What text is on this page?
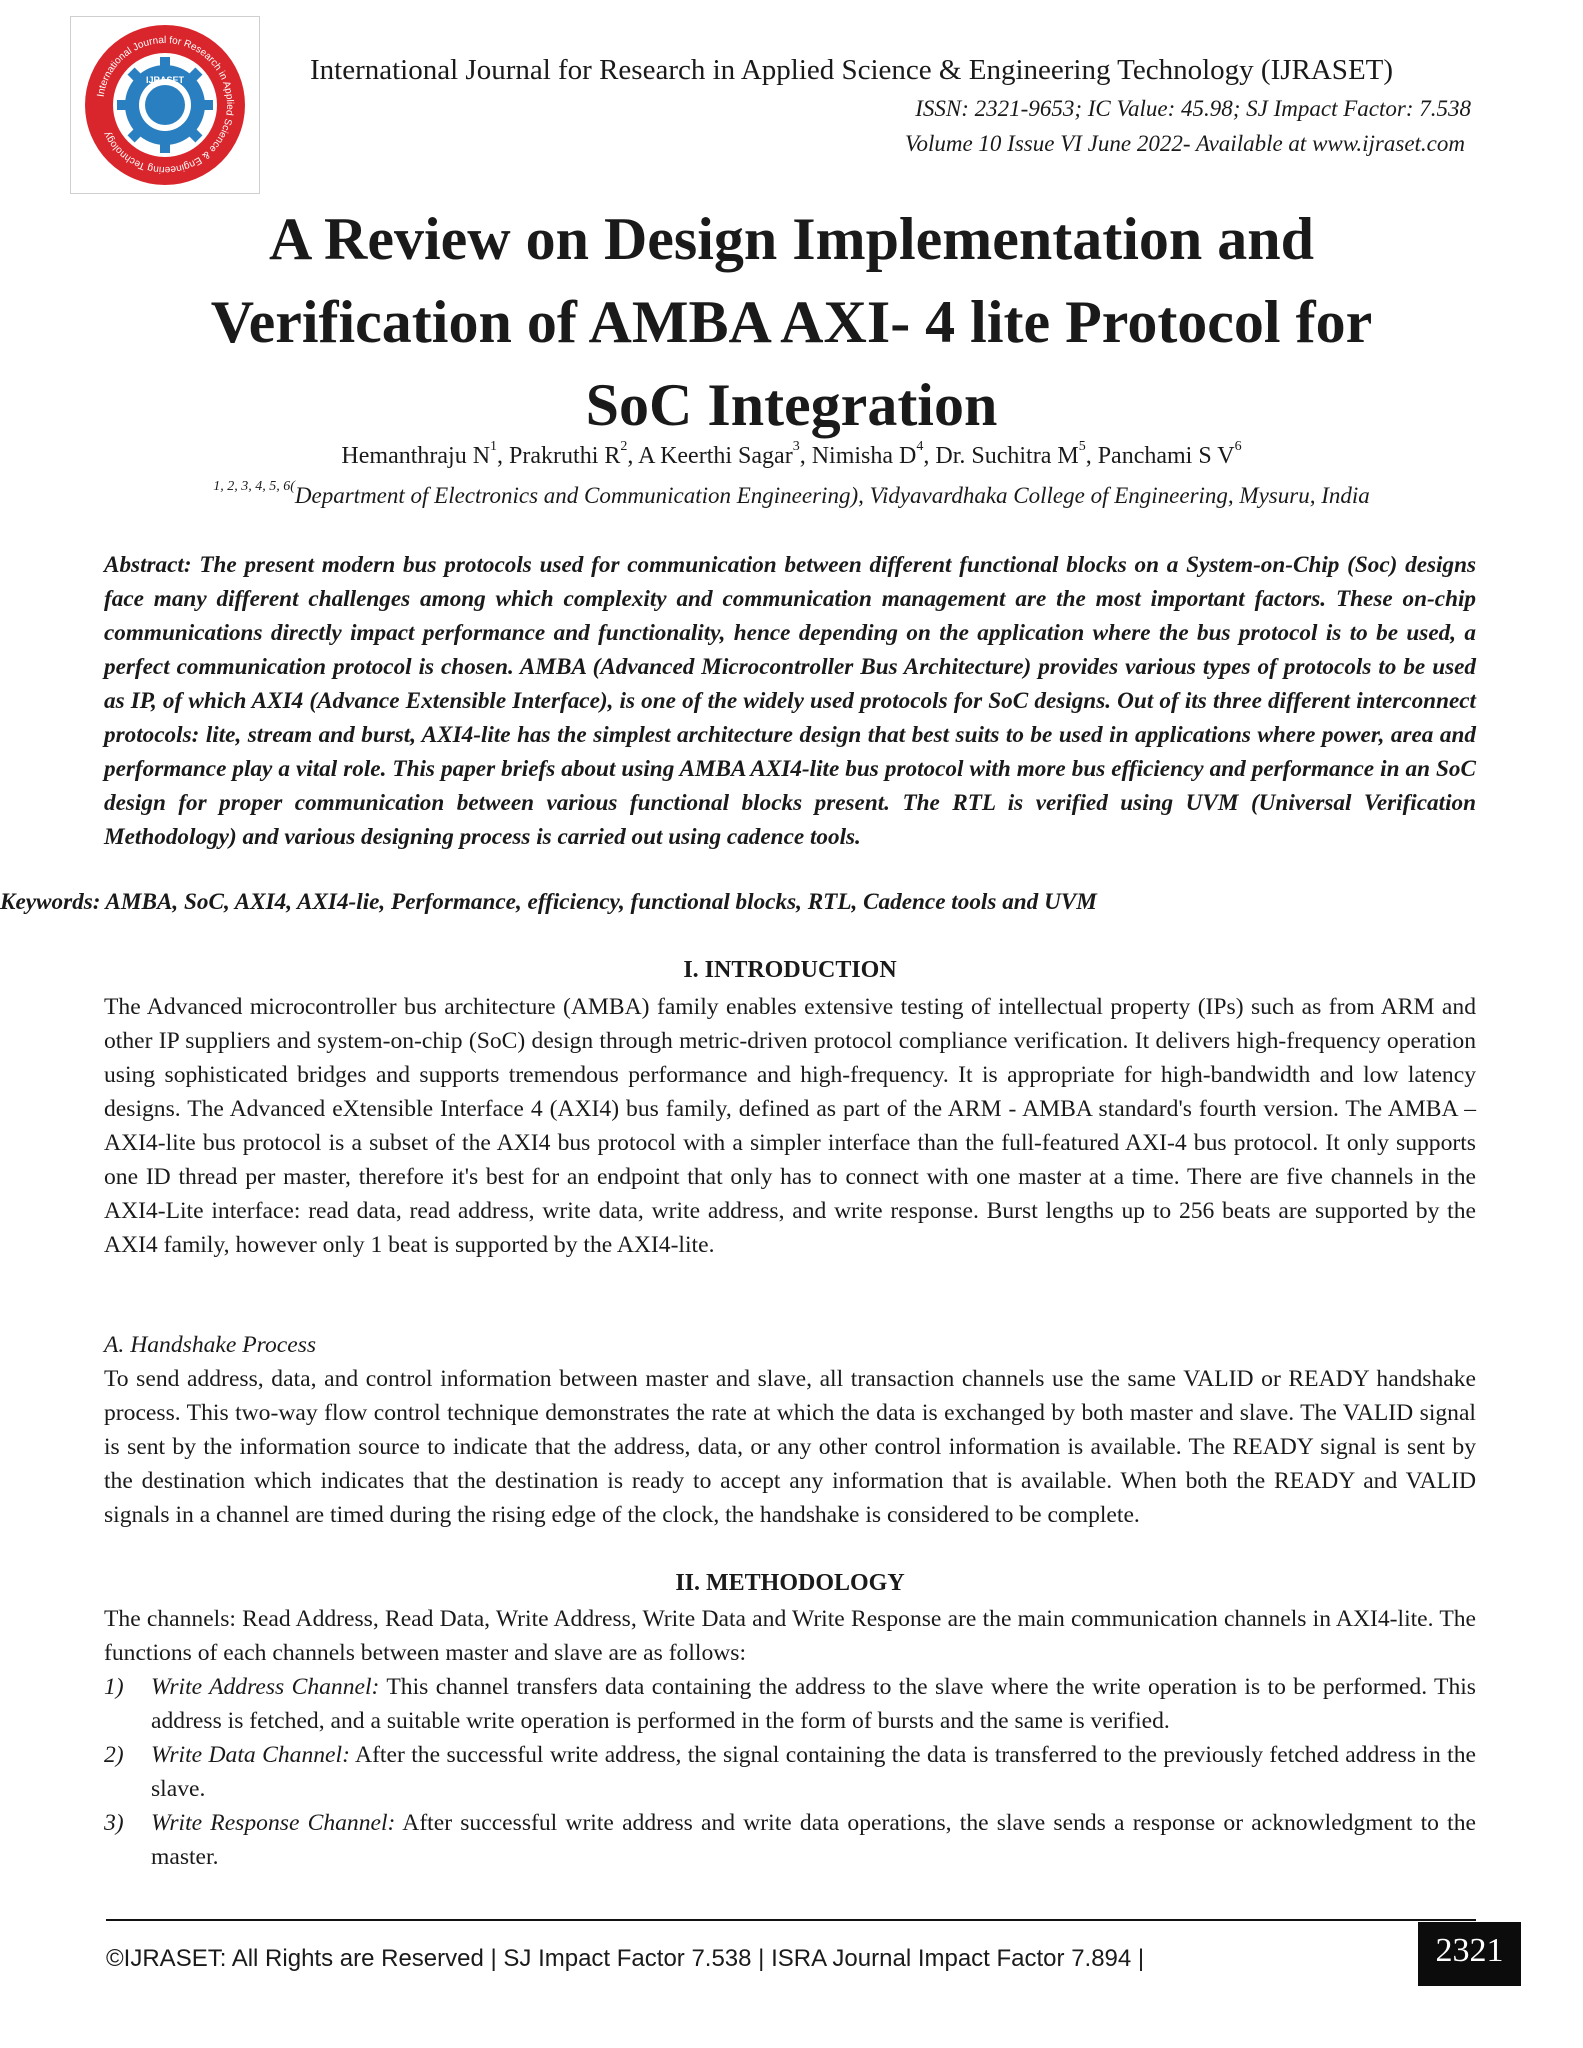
International Journal for Research in Applied Science & Engineering Technology
IJRASET	International Journal for Research in Applied Science & Engineering Technology (IJRASET)
ISSN: 2321-9653; IC Value: 45.98; SJ Impact Factor: 7.538
Volume 10 Issue VI June 2022- Available at www.ijraset.com
A Review on Design Implementation and
Verification of AMBA AXI- 4 lite Protocol for
SoC Integration
Hemanthraju $N^1$, Prakruthi $R^2$, A Keerthi Sagar$^3$, Nimisha $D^4$, Dr. Suchitra $M^5$, Panchami S $V^6$
$^{1, 2, 3, 4, 5, 6(}$Department of Electronics and Communication Engineering), Vidyavardhaka College of Engineering, Mysuru, India

Abstract: The present modern bus protocols used for communication between different functional blocks on a System-on-Chip (Soc) designs face many different challenges among which complexity and communication management are the most important factors. These on-chip communications directly impact performance and functionality, hence depending on the application where the bus protocol is to be used, a perfect communication protocol is chosen. AMBA (Advanced Microcontroller Bus Architecture) provides various types of protocols to be used as IP, of which AXI4 (Advance Extensible Interface), is one of the widely used protocols for SoC designs. Out of its three different interconnect protocols: lite, stream and burst, AXI4-lite has the simplest architecture design that best suits to be used in applications where power, area and performance play a vital role. This paper briefs about using AMBA AXI4-lite bus protocol with more bus efficiency and performance in an SoC design for proper communication between various functional blocks present. The RTL is verified using UVM (Universal Verification Methodology) and various designing process is carried out using cadence tools.

Keywords: AMBA, SoC, AXI4, AXI4-lie, Performance, efficiency, functional blocks, RTL, Cadence tools and UVM
I. INTRODUCTION

The Advanced microcontroller bus architecture (AMBA) family enables extensive testing of intellectual property (IPs) such as from ARM and other IP suppliers and system-on-chip (SoC) design through metric-driven protocol compliance verification. It delivers high-frequency operation using sophisticated bridges and supports tremendous performance and high-frequency. It is appropriate for high-bandwidth and low latency designs. The Advanced eXtensible Interface 4 (AXI4) bus family, defined as part of the ARM - AMBA standard's fourth version. The AMBA – AXI4-lite bus protocol is a subset of the AXI4 bus protocol with a simpler interface than the full-featured AXI-4 bus protocol. It only supports one ID thread per master, therefore it's best for an endpoint that only has to connect with one master at a time. There are five channels in the AXI4-Lite interface: read data, read address, write data, write address, and write response. Burst lengths up to 256 beats are supported by the AXI4 family, however only 1 beat is supported by the AXI4-lite.

A. Handshake Process

To send address, data, and control information between master and slave, all transaction channels use the same VALID or READY handshake process. This two-way flow control technique demonstrates the rate at which the data is exchanged by both master and slave. The VALID signal is sent by the information source to indicate that the address, data, or any other control information is available. The READY signal is sent by the destination which indicates that the destination is ready to accept any information that is available. When both the READY and VALID signals in a channel are timed during the rising edge of the clock, the handshake is considered to be complete.

II. METHODOLOGY

The channels: Read Address, Read Data, Write Address, Write Data and Write Response are the main communication channels in AXI4-lite. The functions of each channels between master and slave are as follows:

1) Write Address Channel: This channel transfers data containing the address to the slave where the write operation is to be performed. This address is fetched, and a suitable write operation is performed in the form of bursts and the same is verified.
2) Write Data Channel: After the successful write address, the signal containing the data is transferred to the previously fetched address in the slave.
3) Write Response Channel: After successful write address and write data operations, the slave sends a response or acknowledgment to the master.
©IJRASET: All Rights are Reserved | SJ Impact Factor 7.538 | ISRA Journal Impact Factor 7.894 |	2321
